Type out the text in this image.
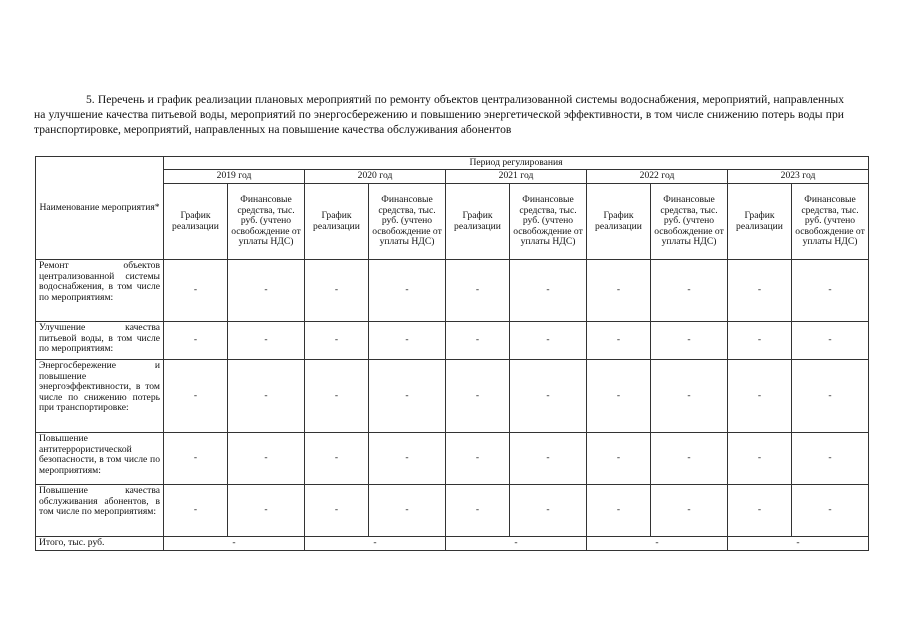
5. Перечень и график реализации плановых мероприятий по ремонту объектов централизованной системы водоснабжения, мероприятий, направленных на улучшение качества питьевой воды, мероприятий по энергосбережению и повышению энергетической эффективности, в том числе снижению потерь воды при транспортировке, мероприятий, направленных на повышение качества обслуживания абонентов
Наименование мероприятия*	Период регулирования									
	2019 год		2020 год		2021 год		2022 год		2023 год	
	График реализации	Финансовые средства, тыс. руб. (учтено освобождение от уплаты НДС)	График реализации	Финансовые средства, тыс. руб. (учтено освобождение от уплаты НДС)	График реализации	Финансовые средства, тыс. руб. (учтено освобождение от уплаты НДС)	График реализации	Финансовые средства, тыс. руб. (учтено освобождение от уплаты НДС)	График реализации	Финансовые средства, тыс. руб. (учтено освобождение от уплаты НДС)
Ремонт объектов централизованной системы водоснабжения, в том числе по мероприятиям:	-	-	-	-	-	-	-	-	-	-
Улучшение качества питьевой воды, в том числе по мероприятиям:	-	-	-	-	-	-	-	-	-	-
Энергосбережение и повышение энергоэффективности, в том числе по снижению потерь при транспортировке:	-	-	-	-	-	-	-	-	-	-
Повышение антитеррористической безопасности, в том числе по мероприятиям:	-	-	-	-	-	-	-	-	-	-
Повышение качества обслуживания абонентов, в том числе по мероприятиям:	-	-	-	-	-	-	-	-	-	-
Итого, тыс. руб.	-		-		-		-		-	
